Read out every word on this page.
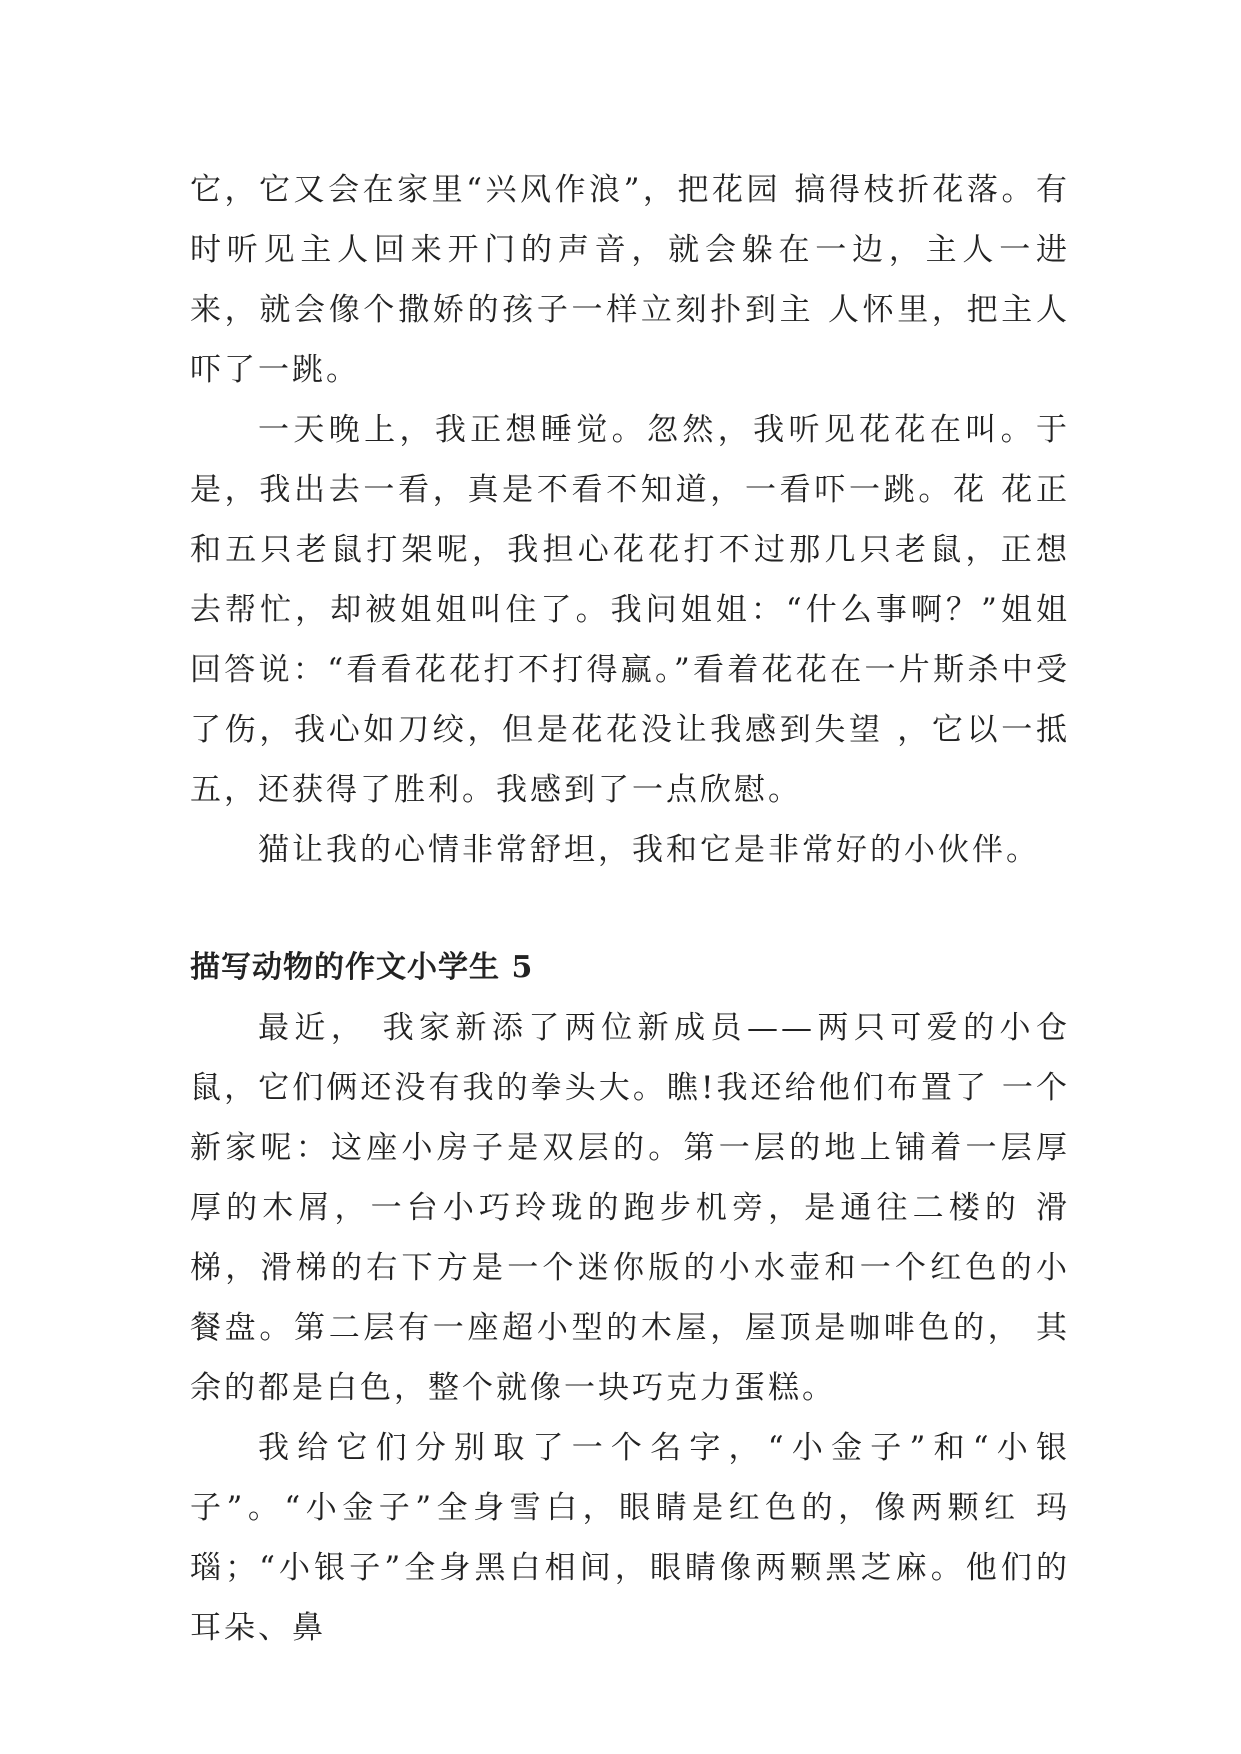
它，它又会在家里“兴风作浪”，把花园 搞得枝折花落。有时听见主人回来开门的声音，就会躲在一边，主人一进来，就会像个撒娇的孩子一样立刻扑到主 人怀里，把主人吓了一跳。

一天晚上，我正想睡觉。忽然，我听见花花在叫。于是，我出去一看，真是不看不知道，一看吓一跳。花 花正和五只老鼠打架呢，我担心花花打不过那几只老鼠，正想去帮忙，却被姐姐叫住了。我问姐姐：“什么事啊？”姐姐回答说：“看看花花打不打得赢。”看着花花在一片斯杀中受了伤，我心如刀绞，但是花花没让我感到失望 ，它以一抵五，还获得了胜利。我感到了一点欣慰。

猫让我的心情非常舒坦，我和它是非常好的小伙伴。

描写动物的作文小学生 5

最近， 我家新添了两位新成员——两只可爱的小仓鼠，它们俩还没有我的拳头大。瞧!我还给他们布置了 一个新家呢：这座小房子是双层的。第一层的地上铺着一层厚厚的木屑，一台小巧玲珑的跑步机旁，是通往二楼的 滑梯，滑梯的右下方是一个迷你版的小水壶和一个红色的小餐盘。第二层有一座超小型的木屋，屋顶是咖啡色的， 其余的都是白色，整个就像一块巧克力蛋糕。

我给它们分别取了一个名字，“小金子”和“小银子”。“小金子”全身雪白，眼睛是红色的，像两颗红 玛瑙；“小银子”全身黑白相间，眼睛像两颗黑芝麻。他们的耳朵、鼻
